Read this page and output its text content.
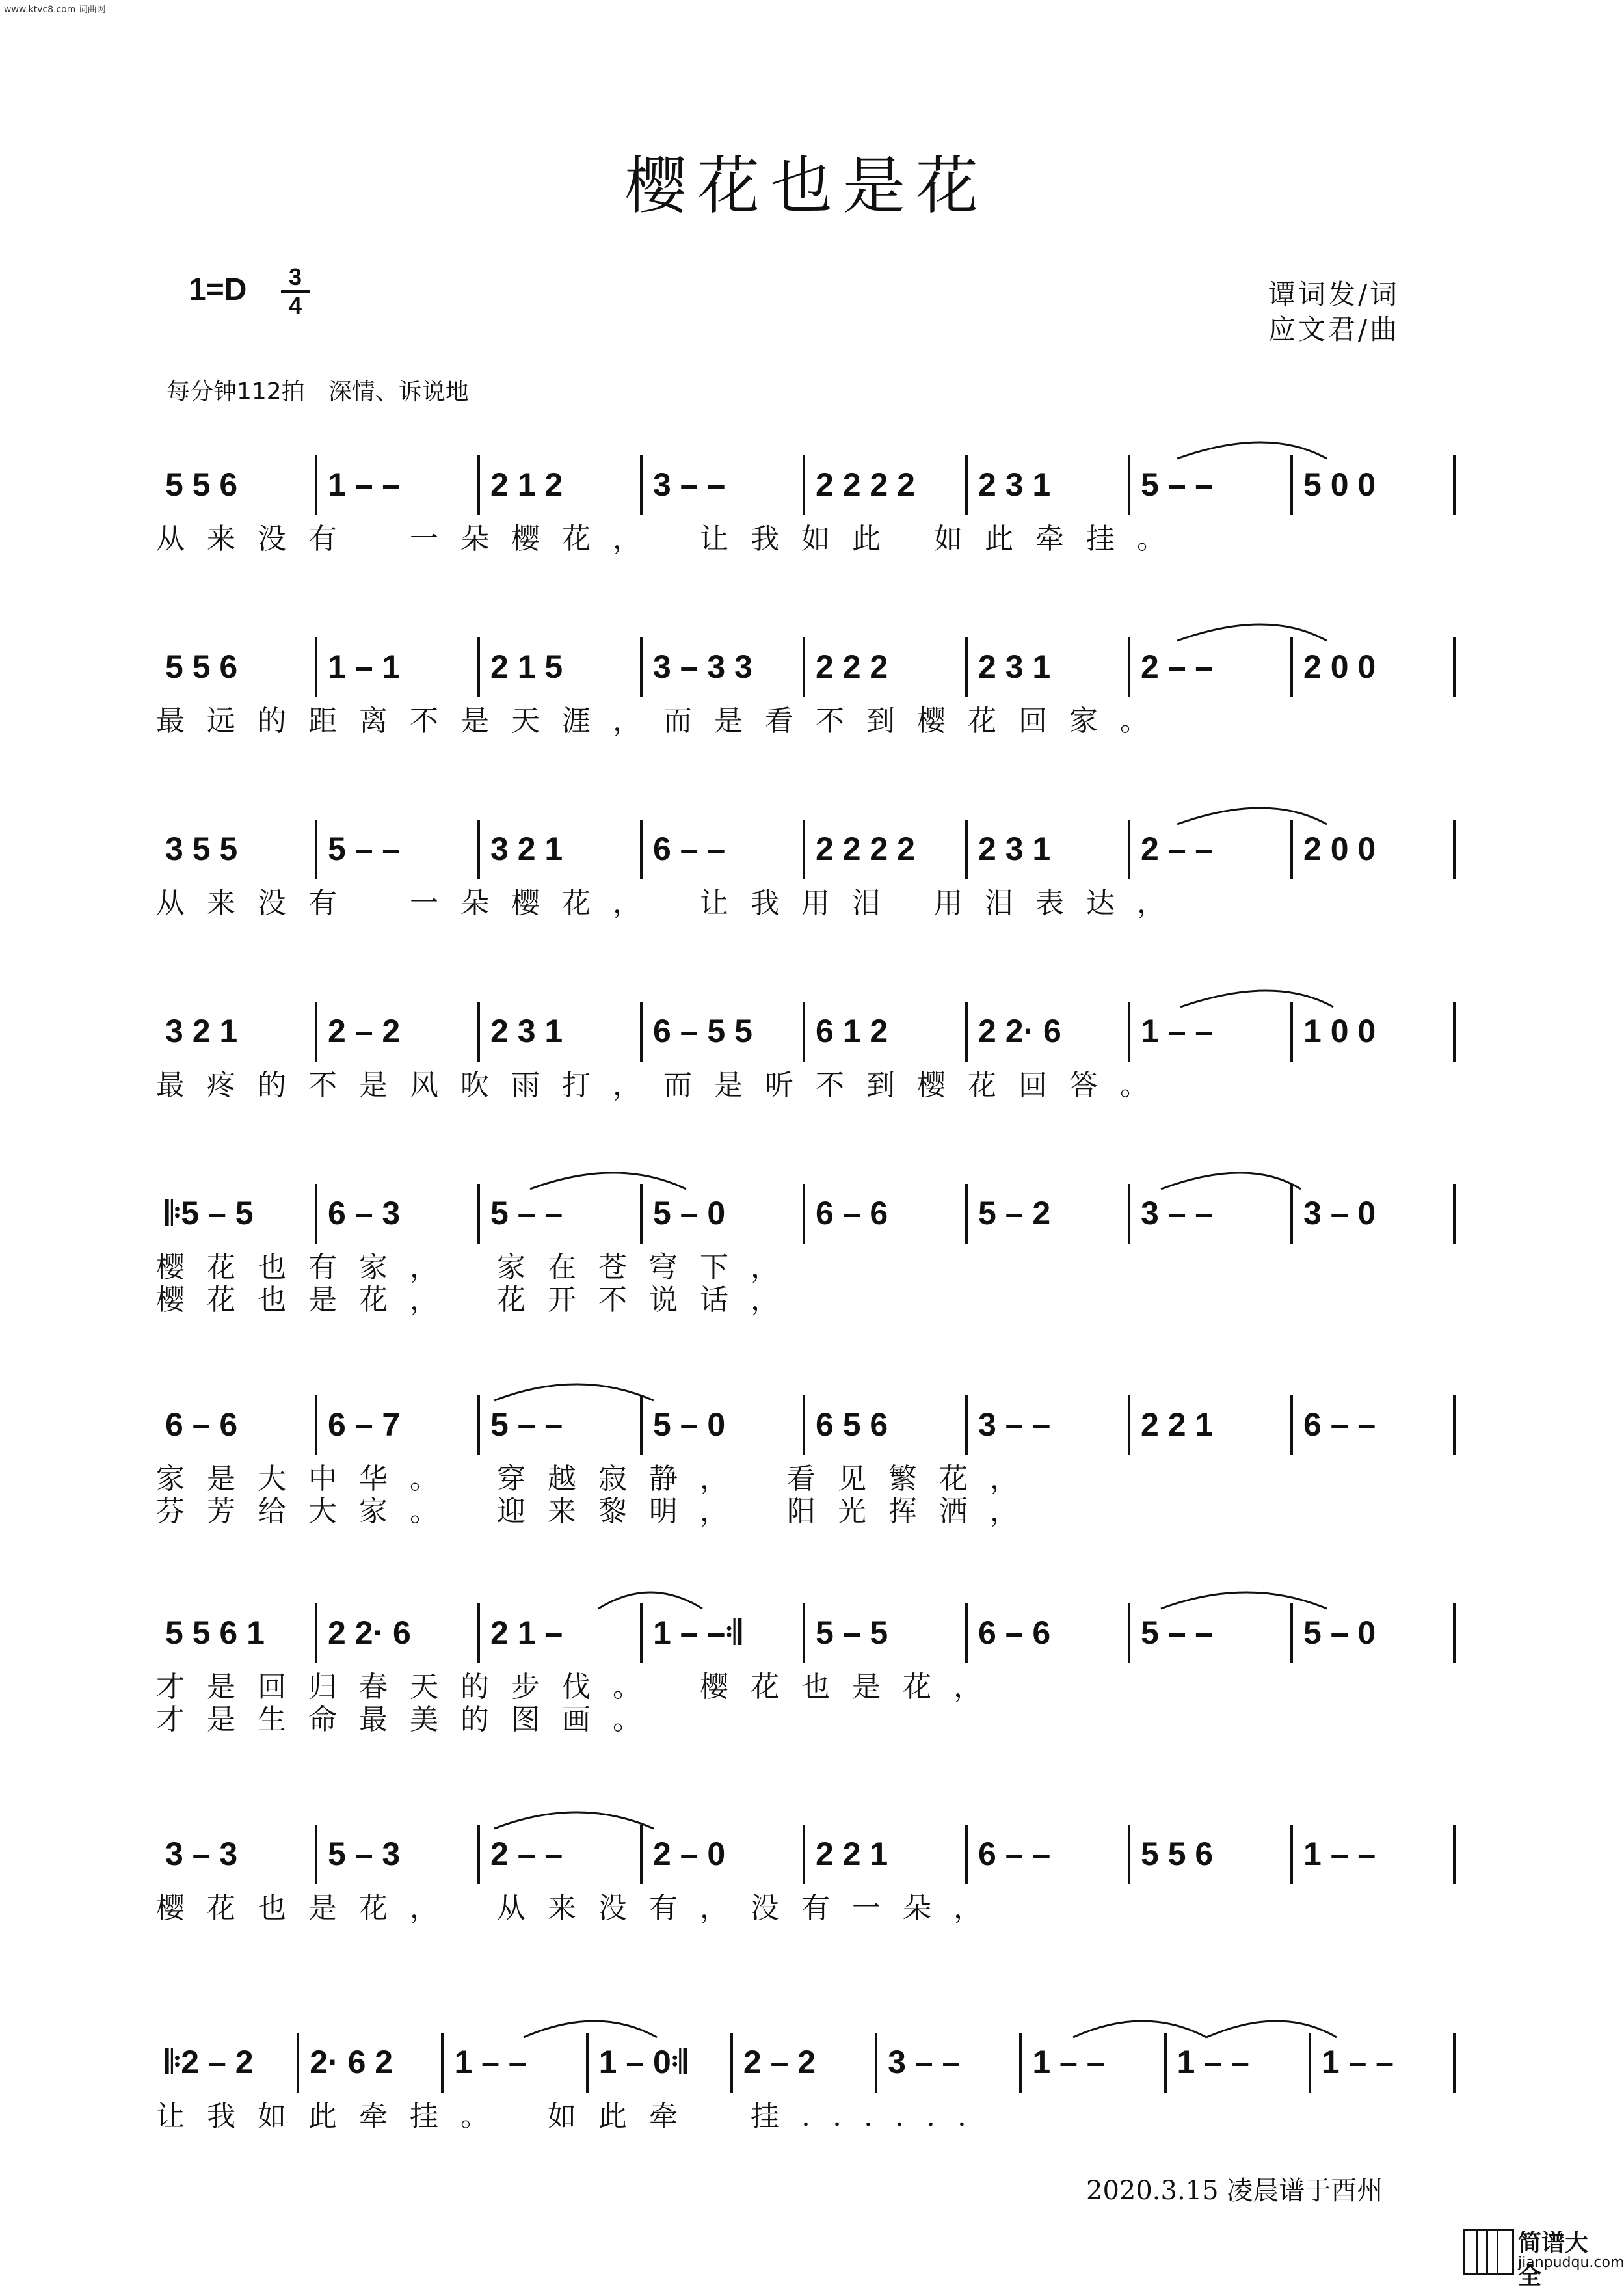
www.ktvc8.com 词曲网
樱花也是花
1=D	3
4	谭词发/词
应文君/曲
每分钟112拍　深情、诉说地
5 5 6	1 – –	2 1 2	3 – –	2 2 2 2 2 3 1	5 – –	5 0 0
从来没有　一朵樱花，　让我如此 如此牵挂。
5 5 6	1 – 1	2 1 5	3 – 3 3 2 2 2	2 3 1	2 – –	2 0 0
最远的距离不是天涯，而是看不到樱花回家。
3 5 5	5 – –	3 2 1	6 – –	2 2 2 2 2 3 1	2 – –	2 0 0
从来没有　一朵樱花，　让我用泪 用泪表达，
3 2 1	2 – 2	2 3 1	6 – 5 5 6 1 2	2 2· 6 1 – –	1 0 0
最疼的不是风吹雨打，而是听不到樱花回答。
𝄆5 – 5 6 – 3	5 – –	5 – 0	6 – 6	5 – 2	3 – –	3 – 0
樱花也有家，　家在苍穹下，
樱花也是花，　花开不说话，
6 – 6	6 – 7	5 – –	5 – 0	6 5 6	3 – –	2 2 1	6 – –
家是大中华。　穿越寂静，　看见繁花，
芬芳给大家。　迎来黎明，　阳光挥洒，
5 5 6 1 2 2· 6 2 1 –	1 – –𝄇 5 – 5	6 – 6	5 – –	5 – 0
才是回归春天的步伐。　樱花也是花，
才是生命最美的图画。
3 – 3	5 – 3	2 – –	2 – 0	2 2 1	6 – –	5 5 6	1 – –
樱花也是花，　从来没有，没有一朵，
𝄆2 – 2 2· 6 2 1 – – 1 – 0𝄇 2 – 2 3 – – 1 – – 1 – – 1 – –
让我如此牵挂。　如此牵　挂......
2020.3.15 凌晨谱于酉州
简谱大全
jianpudqu.com
